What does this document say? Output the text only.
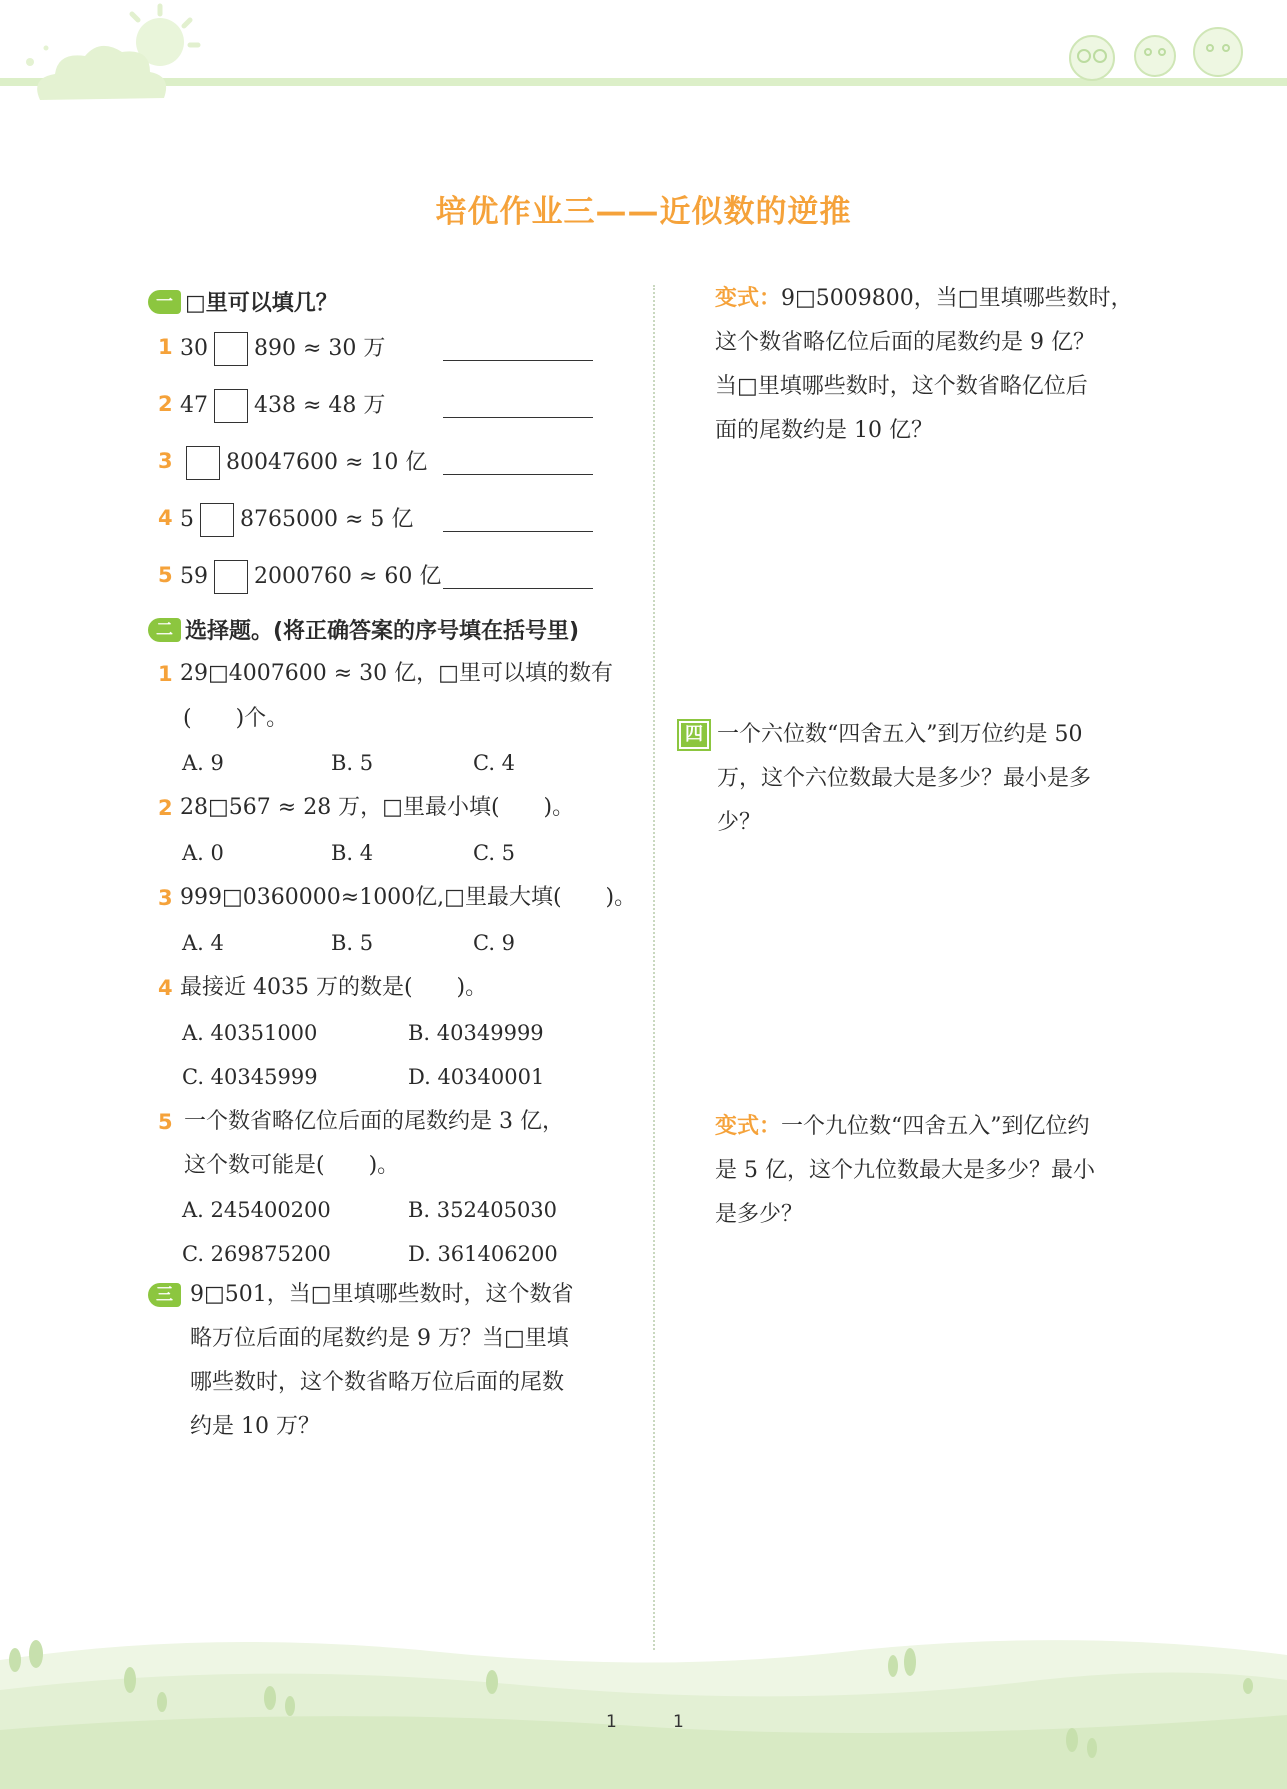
培优作业三——近似数的逆推
一 □里可以填几？
1 30 890 ≈ 30 万
2 47 438 ≈ 48 万
3	80047600 ≈ 10 亿
4 5 8765000 ≈ 5 亿
5 59 2000760 ≈ 60 亿
二 选择题。(将正确答案的序号填在括号里)
1 29□4007600 ≈ 30 亿，□里可以填的数有
(　　)个。
A. 9	B. 5	C. 4
2 28□567 ≈ 28 万，□里最小填(　　)。
A. 0	B. 4	C. 5
3 999□0360000≈1000亿,□里最大填(　　)。
A. 4	B. 5	C. 9
4 最接近 4035 万的数是(　　)。
A. 40351000	B. 40349999
C. 40345999	D. 40340001
5 一个数省略亿位后面的尾数约是 3 亿，
这个数可能是(　　)。
A. 245400200	B. 352405030
C. 269875200	D. 361406200
三 9□501，当□里填哪些数时，这个数省
略万位后面的尾数约是 9 万？当□里填
哪些数时，这个数省略万位后面的尾数
约是 10 万？
变式：9□5009800，当□里填哪些数时，
这个数省略亿位后面的尾数约是 9 亿？
当□里填哪些数时，这个数省略亿位后
面的尾数约是 10 亿？
四 一个六位数“四舍五入”到万位约是 50
万，这个六位数最大是多少？最小是多
少？
变式：一个九位数“四舍五入”到亿位约
是 5 亿，这个九位数最大是多少？最小
是多少？
1	1
